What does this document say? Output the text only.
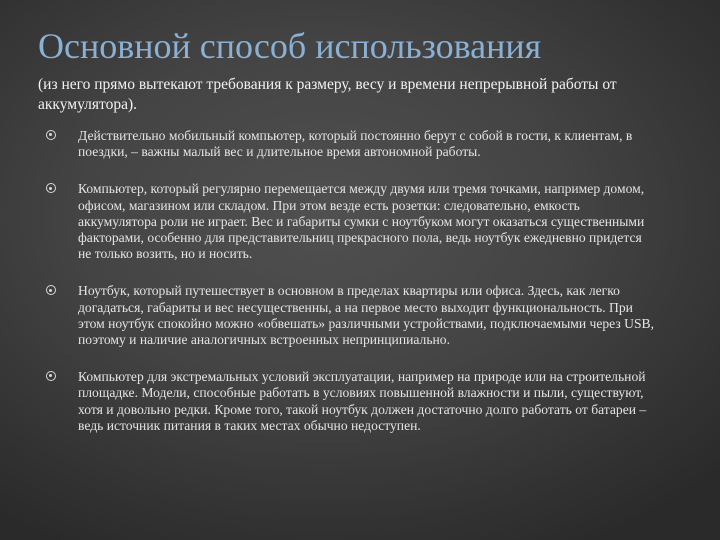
Основной способ использования

(из него прямо вытекают требования к размеру, весу и времени непрерывной работы от аккумулятора).

Действительно мобильный компьютер, который постоянно берут с собой в гости, к клиентам, в поездки, – важны малый вес и длительное время автономной работы.
Компьютер, который регулярно перемещается между двумя или тремя точками, например домом, офисом, магазином или складом. При этом везде есть розетки: следовательно, емкость аккумулятора роли не играет. Вес и габариты сумки с ноутбуком могут оказаться существенными факторами, особенно для представительниц прекрасного пола, ведь ноутбук ежедневно придется не только возить, но и носить.
Ноутбук, который путешествует в основном в пределах квартиры или офиса. Здесь, как легко догадаться, габариты и вес несущественны, а на первое место выходит функциональность. При этом ноутбук спокойно можно «обвешать» различными устройствами, подключаемыми через USB, поэтому и наличие аналогичных встроенных непринципиально.
Компьютер для экстремальных условий эксплуатации, например на природе или на строительной площадке. Модели, способные работать в условиях повышенной влажности и пыли, существуют, хотя и довольно редки. Кроме того, такой ноутбук должен достаточно долго работать от батареи – ведь источник питания в таких местах обычно недоступен.
